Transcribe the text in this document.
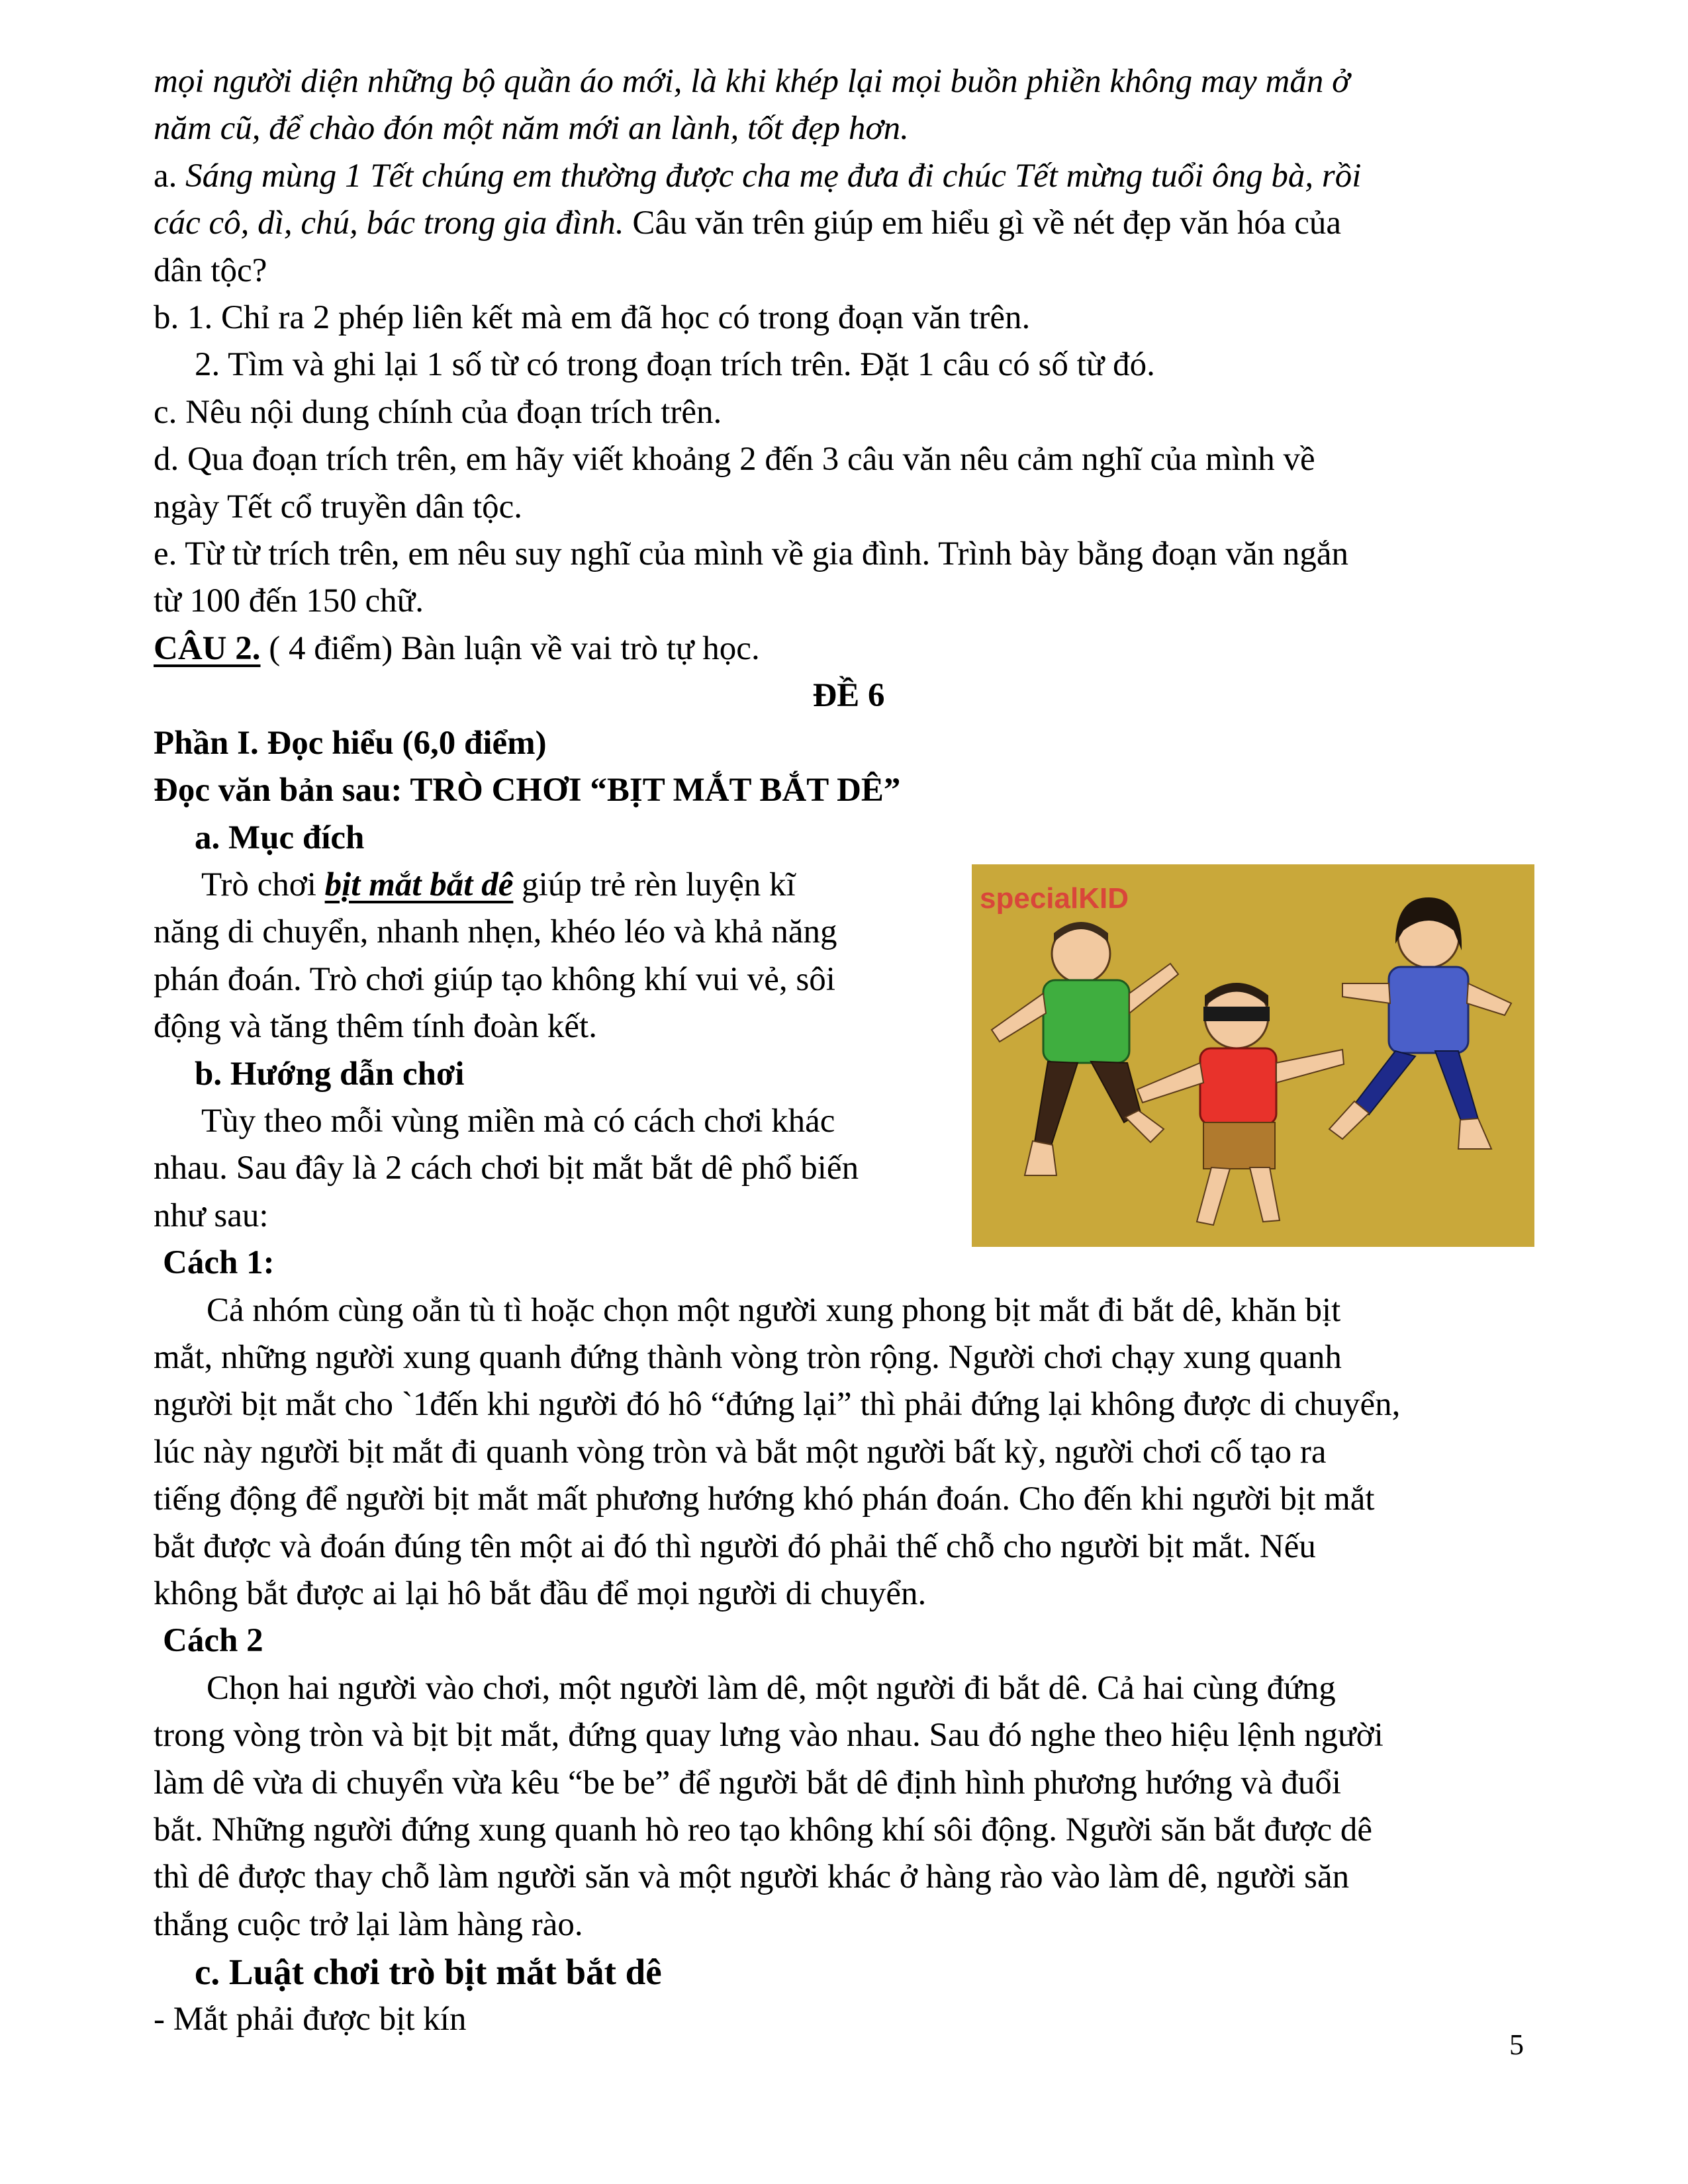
mọi người diện những bộ quần áo mới, là khi khép lại mọi buồn phiền không may mắn ở

năm cũ, để chào đón một năm mới an lành, tốt đẹp hơn.

a. Sáng mùng 1 Tết chúng em thường được cha mẹ đưa đi chúc Tết mừng tuổi ông bà, rồi

các cô, dì, chú, bác trong gia đình. Câu văn trên giúp em hiểu gì về nét đẹp văn hóa của

dân tộc?

b. 1. Chỉ ra 2 phép liên kết mà em đã học có trong đoạn văn trên.

2. Tìm và ghi lại 1 số từ có trong đoạn trích trên. Đặt 1 câu có số từ đó.

c. Nêu nội dung chính của đoạn trích trên.

d. Qua đoạn trích trên, em hãy viết khoảng 2 đến 3 câu văn nêu cảm nghĩ của mình về

ngày Tết cổ truyền dân tộc.

e. Từ từ trích trên, em nêu suy nghĩ của mình về gia đình. Trình bày bằng đoạn văn ngắn

từ 100 đến 150 chữ.

CÂU 2. ( 4 điểm) Bàn luận về vai trò tự học.

ĐỀ 6

Phần I. Đọc hiểu (6,0 điểm)

Đọc văn bản sau: TRÒ CHƠI “BỊT MẮT BẮT DÊ”

a. Mục đích

Trò chơi bịt mắt bắt dê giúp trẻ rèn luyện kĩ

năng di chuyển, nhanh nhẹn, khéo léo và khả năng

phán đoán. Trò chơi giúp tạo không khí vui vẻ, sôi

động và tăng thêm tính đoàn kết.

b. Hướng dẫn chơi

Tùy theo mỗi vùng miền mà có cách chơi khác

nhau. Sau đây là 2 cách chơi bịt mắt bắt dê phổ biến

như sau:

Cách 1:

Cả nhóm cùng oẳn tù tì hoặc chọn một người xung phong bịt mắt đi bắt dê, khăn bịt

mắt, những người xung quanh đứng thành vòng tròn rộng. Người chơi chạy xung quanh

người bịt mắt cho `1đến khi người đó hô “đứng lại” thì phải đứng lại không được di chuyển,

lúc này người bịt mắt đi quanh vòng tròn và bắt một người bất kỳ, người chơi cố tạo ra

tiếng động để người bịt mắt mất phương hướng khó phán đoán. Cho đến khi người bịt mắt

bắt được và đoán đúng tên một ai đó thì người đó phải thế chỗ cho người bịt mắt. Nếu

không bắt được ai lại hô bắt đầu để mọi người di chuyển.

Cách 2

Chọn hai người vào chơi, một người làm dê, một người đi bắt dê. Cả hai cùng đứng

trong vòng tròn và bịt bịt mắt, đứng quay lưng vào nhau. Sau đó nghe theo hiệu lệnh người

làm dê vừa di chuyển vừa kêu “be be” để người bắt dê định hình phương hướng và đuổi

bắt. Những người đứng xung quanh hò reo tạo không khí sôi động. Người săn bắt được dê

thì dê được thay chỗ làm người săn và một người khác ở hàng rào vào làm dê, người săn

thắng cuộc trở lại làm hàng rào.

c. Luật chơi trò bịt mắt bắt dê

- Mắt phải được bịt kín

specialKID
5
